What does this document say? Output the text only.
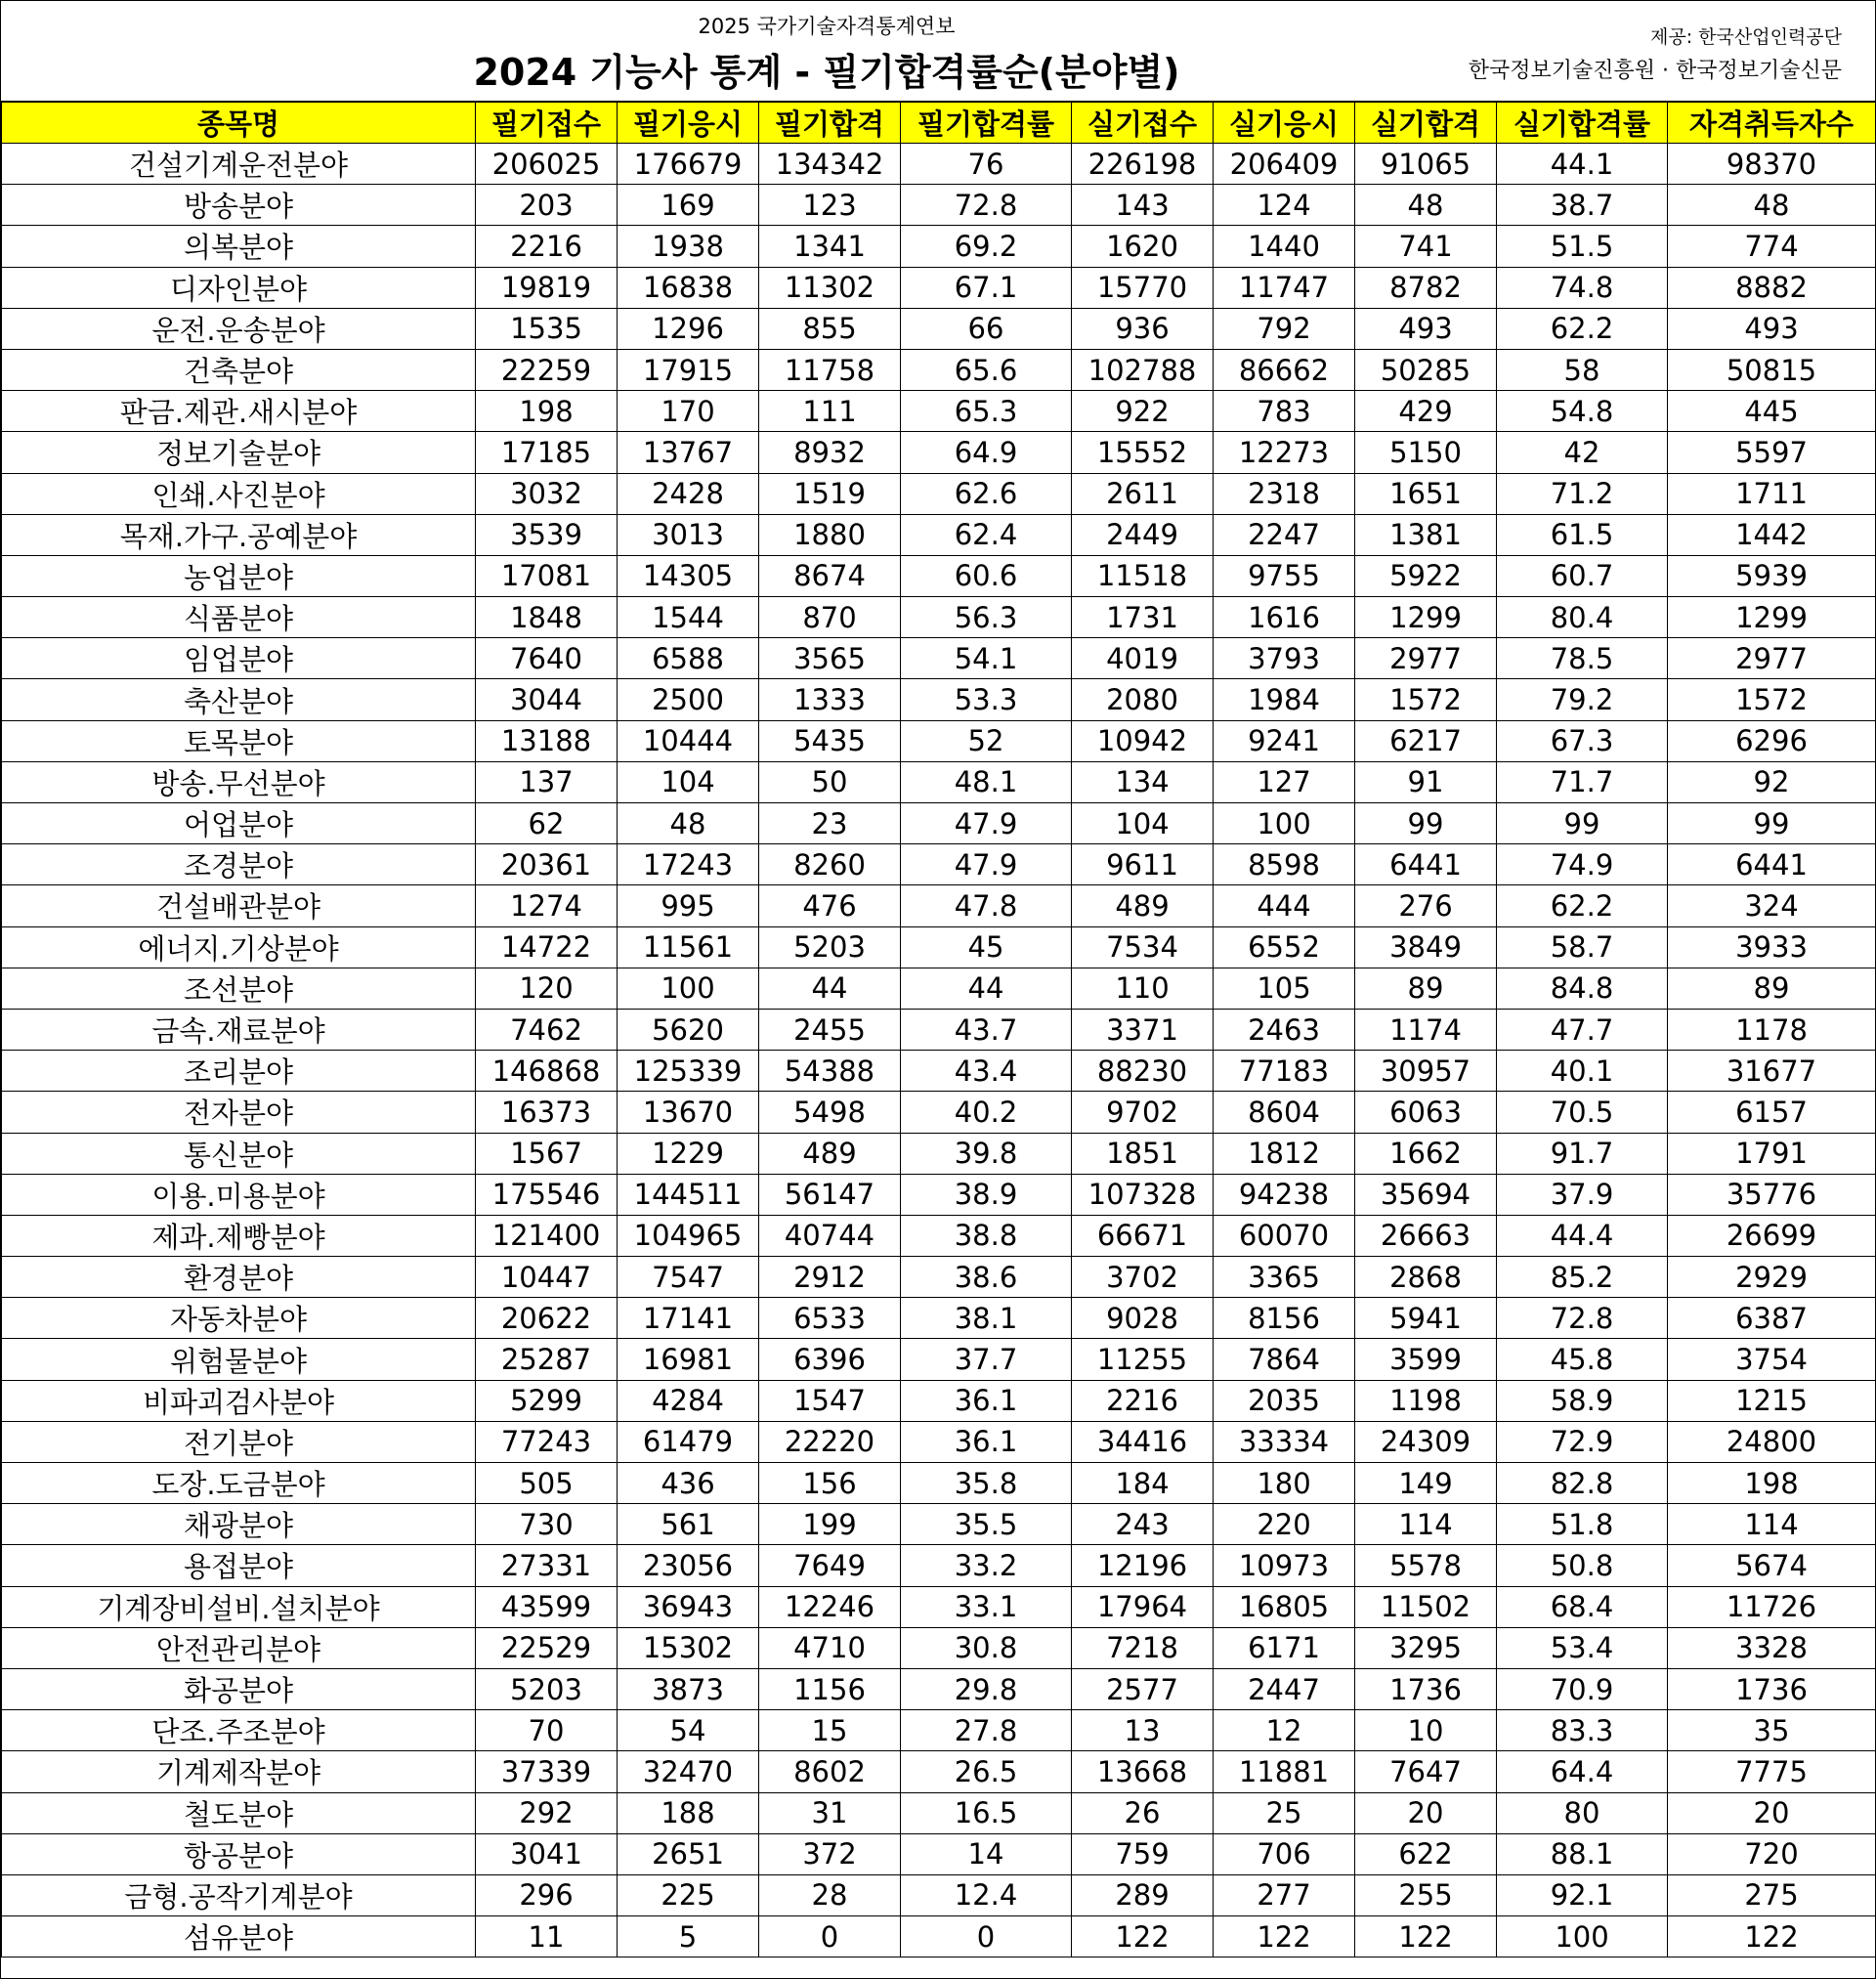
2025 국가기술자격통계연보
2024 기능사 통계 - 필기합격률순(분야별)
제공: 한국산업인력공단
한국정보기술진흥원 · 한국정보기술신문
종목명	필기접수	필기응시	필기합격	필기합격률	실기접수	실기응시	실기합격	실기합격률	자격취득자수
건설기계운전분야	206025	176679	134342	76	226198	206409	91065	44.1	98370
방송분야	203	169	123	72.8	143	124	48	38.7	48
의복분야	2216	1938	1341	69.2	1620	1440	741	51.5	774
디자인분야	19819	16838	11302	67.1	15770	11747	8782	74.8	8882
운전.운송분야	1535	1296	855	66	936	792	493	62.2	493
건축분야	22259	17915	11758	65.6	102788	86662	50285	58	50815
판금.제관.새시분야	198	170	111	65.3	922	783	429	54.8	445
정보기술분야	17185	13767	8932	64.9	15552	12273	5150	42	5597
인쇄.사진분야	3032	2428	1519	62.6	2611	2318	1651	71.2	1711
목재.가구.공예분야	3539	3013	1880	62.4	2449	2247	1381	61.5	1442
농업분야	17081	14305	8674	60.6	11518	9755	5922	60.7	5939
식품분야	1848	1544	870	56.3	1731	1616	1299	80.4	1299
임업분야	7640	6588	3565	54.1	4019	3793	2977	78.5	2977
축산분야	3044	2500	1333	53.3	2080	1984	1572	79.2	1572
토목분야	13188	10444	5435	52	10942	9241	6217	67.3	6296
방송.무선분야	137	104	50	48.1	134	127	91	71.7	92
어업분야	62	48	23	47.9	104	100	99	99	99
조경분야	20361	17243	8260	47.9	9611	8598	6441	74.9	6441
건설배관분야	1274	995	476	47.8	489	444	276	62.2	324
에너지.기상분야	14722	11561	5203	45	7534	6552	3849	58.7	3933
조선분야	120	100	44	44	110	105	89	84.8	89
금속.재료분야	7462	5620	2455	43.7	3371	2463	1174	47.7	1178
조리분야	146868	125339	54388	43.4	88230	77183	30957	40.1	31677
전자분야	16373	13670	5498	40.2	9702	8604	6063	70.5	6157
통신분야	1567	1229	489	39.8	1851	1812	1662	91.7	1791
이용.미용분야	175546	144511	56147	38.9	107328	94238	35694	37.9	35776
제과.제빵분야	121400	104965	40744	38.8	66671	60070	26663	44.4	26699
환경분야	10447	7547	2912	38.6	3702	3365	2868	85.2	2929
자동차분야	20622	17141	6533	38.1	9028	8156	5941	72.8	6387
위험물분야	25287	16981	6396	37.7	11255	7864	3599	45.8	3754
비파괴검사분야	5299	4284	1547	36.1	2216	2035	1198	58.9	1215
전기분야	77243	61479	22220	36.1	34416	33334	24309	72.9	24800
도장.도금분야	505	436	156	35.8	184	180	149	82.8	198
채광분야	730	561	199	35.5	243	220	114	51.8	114
용접분야	27331	23056	7649	33.2	12196	10973	5578	50.8	5674
기계장비설비.설치분야	43599	36943	12246	33.1	17964	16805	11502	68.4	11726
안전관리분야	22529	15302	4710	30.8	7218	6171	3295	53.4	3328
화공분야	5203	3873	1156	29.8	2577	2447	1736	70.9	1736
단조.주조분야	70	54	15	27.8	13	12	10	83.3	35
기계제작분야	37339	32470	8602	26.5	13668	11881	7647	64.4	7775
철도분야	292	188	31	16.5	26	25	20	80	20
항공분야	3041	2651	372	14	759	706	622	88.1	720
금형.공작기계분야	296	225	28	12.4	289	277	255	92.1	275
섬유분야	11	5	0	0	122	122	122	100	122
